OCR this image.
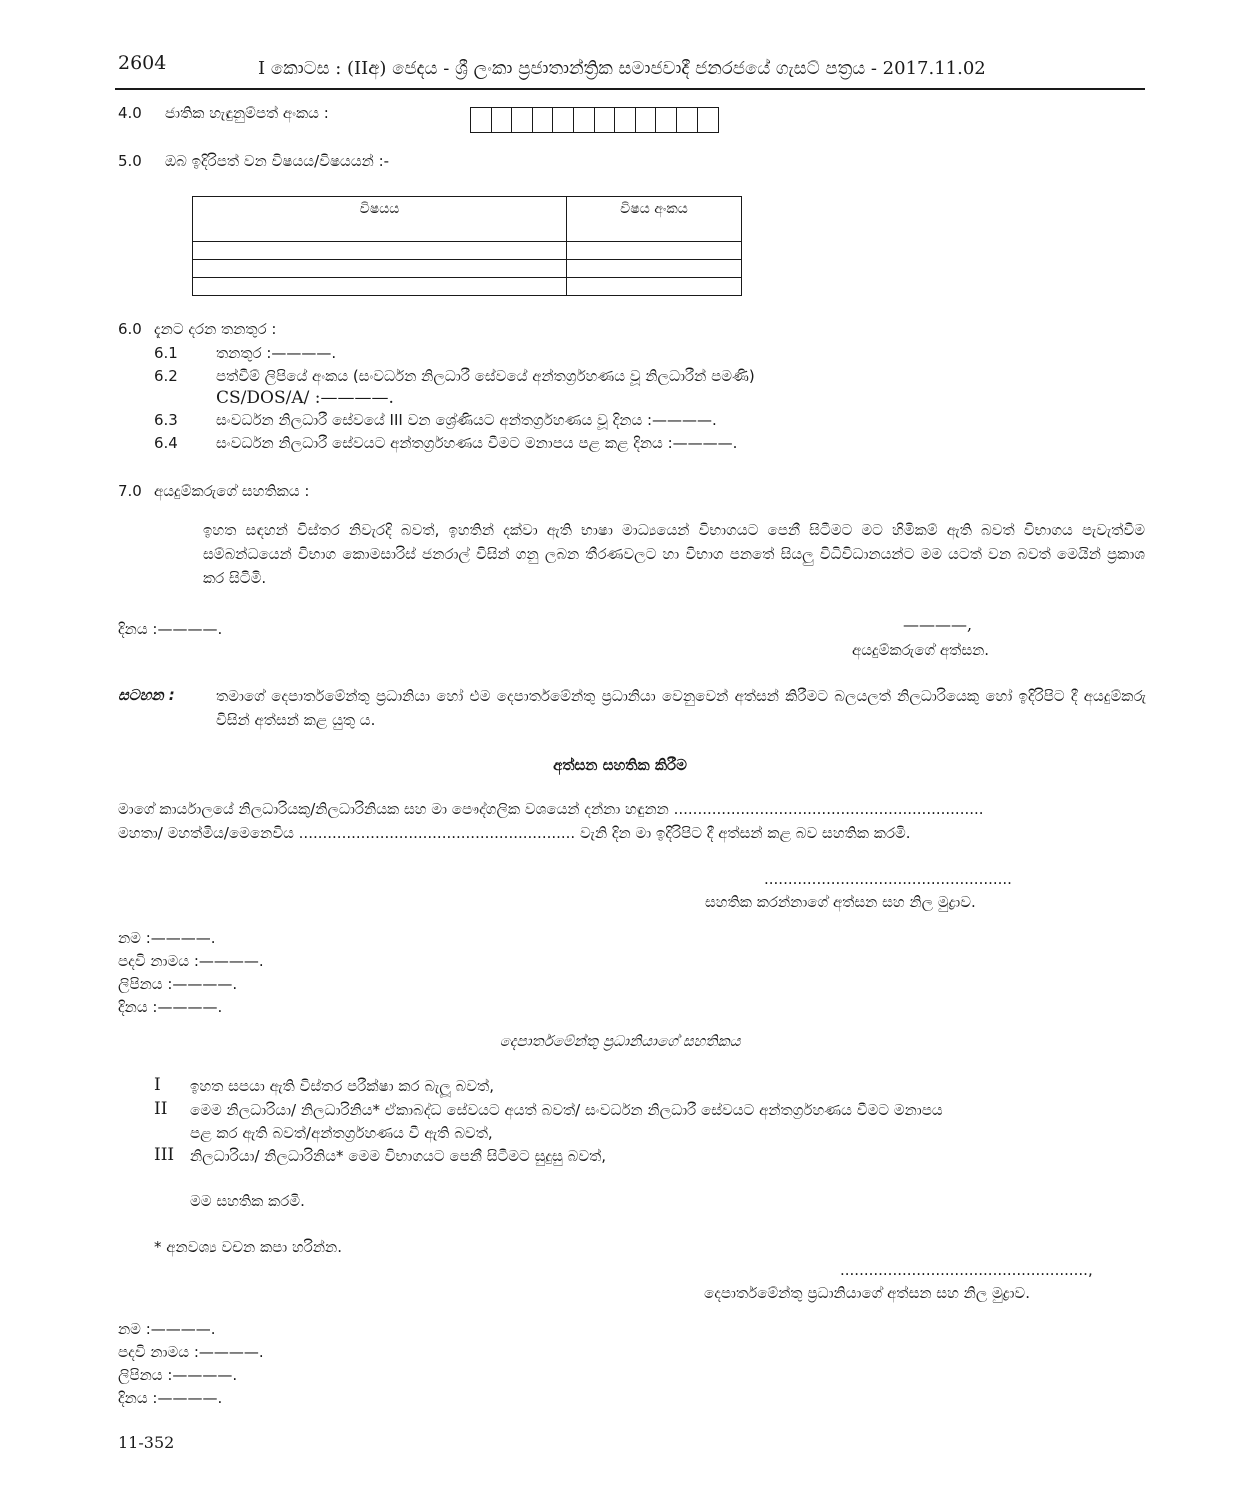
2604	I කොටස : (IIඅ) ජෙදය - ශ්‍රී ලංකා ප්‍රජාතාන්ත්‍රික සමාජවාදී ජනරජයේ ගැසට් පත්‍රය - 2017.11.02
4.0 ජාතික හැඳුනුම්පත් අංකය :
5.0 ඔබ ඉදිරිපත් වන විෂයය/විෂයයන් :-
විෂයය	විෂය අංකය

6.0 දැනට දරන තනතුර :
6.1	තනතුර :————.
6.2	පත්වීම් ලිපියේ අංකය (සංවර්ධන නිලධාරී සේවයේ අන්තර්ග්‍රහණය වූ නිලධාරීන් පමණි)
CS/DOS/A/ :————.
6.3	සංවර්ධන නිලධාරී සේවයේ III වන ශ්‍රේණියට අන්තර්ග්‍රහණය වූ දිනය :————.
6.4	සංවර්ධන නිලධාරී සේවයට අන්තර්ග්‍රහණය වීමට මනාපය පළ කළ දිනය :————.
7.0 අයදුම්කරුගේ සහතිකය :
ඉහත සඳහන් විස්තර නිවැරදි බවත්, ඉහතින් දක්වා ඇති භාෂා මාධ්‍යයෙන් විභාගයට පෙනී සිටීමට මට හිමිකම් ඇති බවත් විභාගය පැවැත්වීම සම්බන්ධයෙන් විභාග කොමසාරිස් ජනරාල් විසින් ගනු ලබන තීරණවලට හා විභාග පනතේ සියලු විධිවිධානයන්ට මම යටත් වන බවත් මෙයින් ප්‍රකාශ කර සිටිමි.
දිනය :————.	————,
අයදුම්කරුගේ අත්සන.
සටහන :	තමාගේ දෙපාර්තමේන්තු ප්‍රධානියා හෝ එම දෙපාර්තමේන්තු ප්‍රධානියා වෙනුවෙන් අත්සන් කිරීමට බලයලත් නිලධාරියෙකු හෝ ඉදිරිපිට දී අයදුම්කරු විසින් අත්සන් කළ යුතු ය.
අත්සන සහතික කිරීම
මාගේ කාර්යාලයේ නිලධාරියකු/නිලධාරිනියක සහ මා පෞද්ගලික වශයෙන් දන්නා හඳුනන .................................................................
මහතා/ මහත්මිය/මෙනෙවිය .......................................................... වැනි දින මා ඉදිරිපිට දී අත්සන් කළ බව සහතික කරමි.
....................................................
සහතික කරන්නාගේ අත්සන සහ නිල මුද්‍රාව.
නම :————.
පදවි නාමය :————.
ලිපිනය :————.
දිනය :————.
දෙපාර්තමේන්තු ප්‍රධානියාගේ සහතිකය
I ඉහත සපයා ඇති විස්තර පරීක්ෂා කර බැලූ බවත්,
II මෙම නිලධාරියා/ නිලධාරිනිය* ඒකාබද්ධ සේවයට අයත් බවත්/ සංවර්ධන නිලධාරී සේවයට අන්තර්ග්‍රහණය වීමට මනාපය
පළ කර ඇති බවත්/අන්තර්ග්‍රහණය වී ඇති බවත්,
III නිලධාරියා/ නිලධාරිනිය* මෙම විභාගයට පෙනී සිටීමට සුදුසු බවත්,
මම සහතික කරමි.
* අනවශ්‍ය වචන කපා හරින්න.
....................................................,
දෙපාර්තමේන්තු ප්‍රධානියාගේ අත්සන සහ නිල මුද්‍රාව.
නම :————.
පදවි නාමය :————.
ලිපිනය :————.
දිනය :————.
11-352
